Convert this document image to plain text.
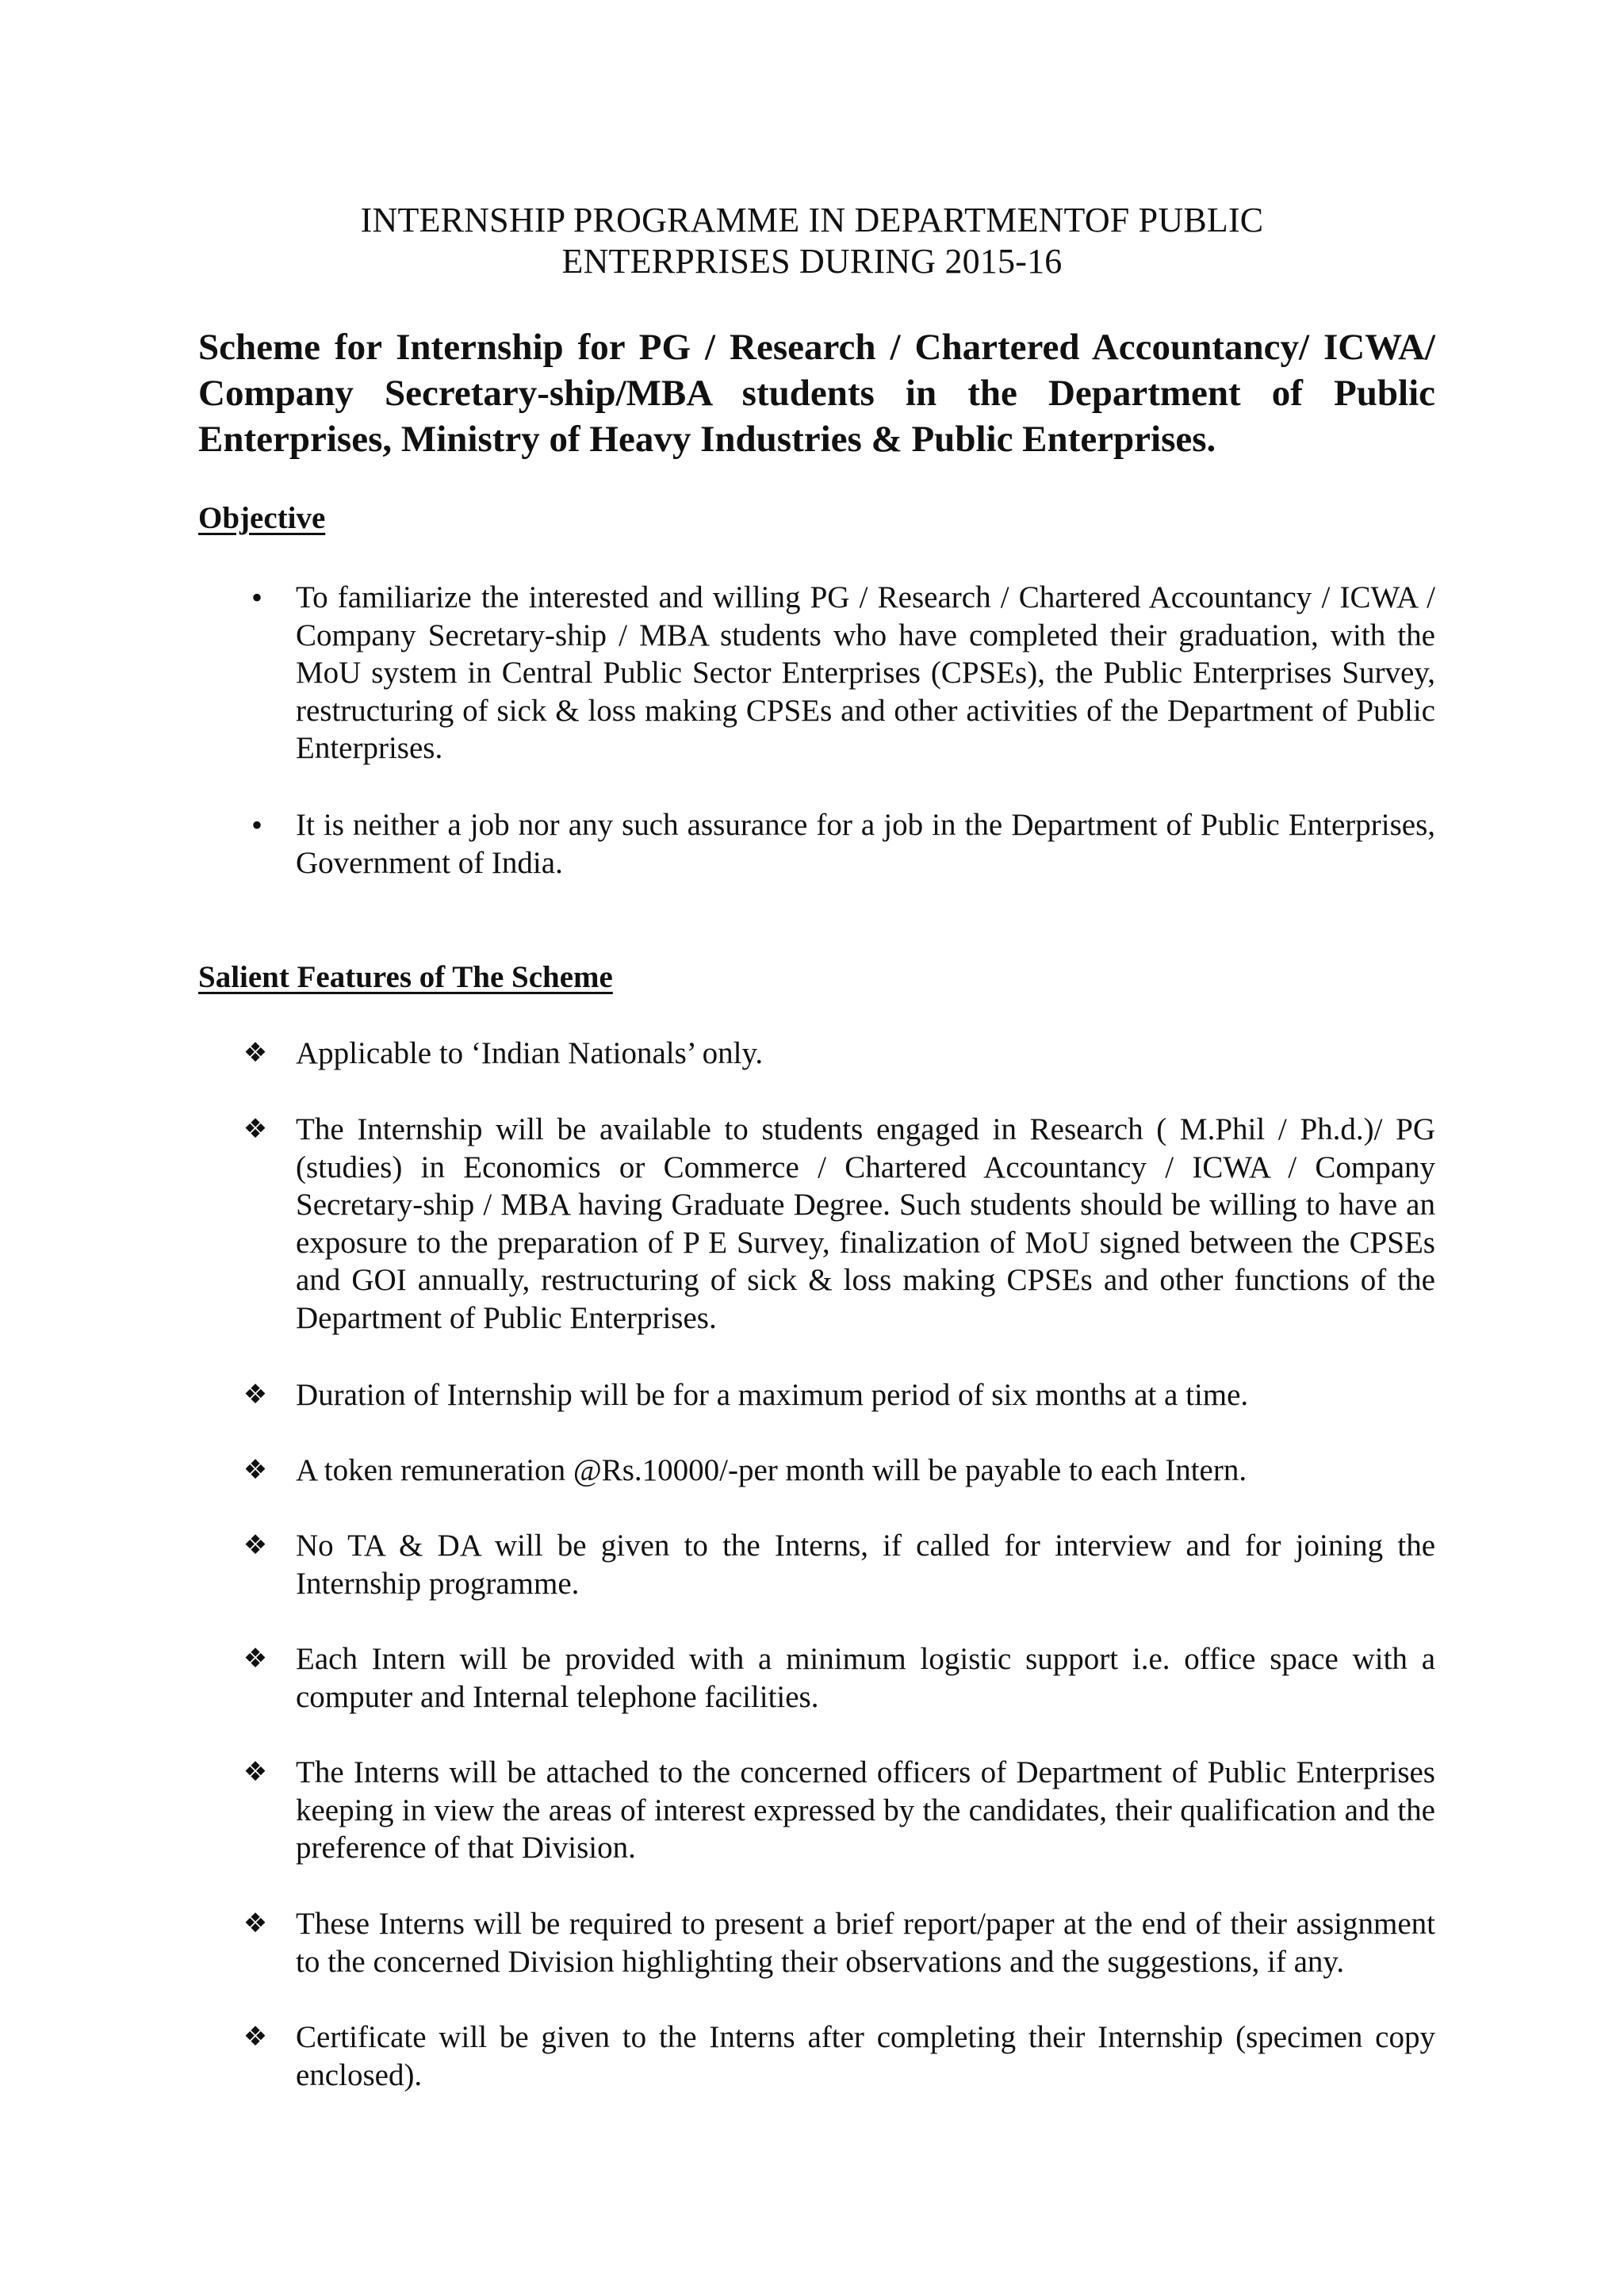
INTERNSHIP PROGRAMME IN DEPARTMENTOF PUBLIC
ENTERPRISES DURING 2015-16
Scheme for Internship for PG / Research / Chartered Accountancy/ ICWA/
Company Secretary-ship/MBA students in the Department of Public
Enterprises, Ministry of Heavy Industries & Public Enterprises.
Objective
•	To familiarize the interested and willing PG / Research / Chartered Accountancy / ICWA / Company Secretary-ship / MBA students who have completed their graduation, with the MoU system in Central Public Sector Enterprises (CPSEs), the Public Enterprises Survey, restructuring of sick & loss making CPSEs and other activities of the Department of Public Enterprises.
•	It is neither a job nor any such assurance for a job in the Department of Public Enterprises, Government of India.
Salient Features of The Scheme
❖ Applicable to ‘Indian Nationals’ only.
❖ The Internship will be available to students engaged in Research ( M.Phil / Ph.d.)/ PG (studies) in Economics or Commerce / Chartered Accountancy / ICWA / Company Secretary-ship / MBA having Graduate Degree. Such students should be willing to have an exposure to the preparation of P E Survey, finalization of MoU signed between the CPSEs and GOI annually, restructuring of sick & loss making CPSEs and other functions of the Department of Public Enterprises.
❖ Duration of Internship will be for a maximum period of six months at a time.
❖ A token remuneration @Rs.10000/-per month will be payable to each Intern.
❖ No TA & DA will be given to the Interns, if called for interview and for joining the Internship programme.
❖ Each Intern will be provided with a minimum logistic support i.e. office space with a computer and Internal telephone facilities.
❖ The Interns will be attached to the concerned officers of Department of Public Enterprises keeping in view the areas of interest expressed by the candidates, their qualification and the preference of that Division.
❖ These Interns will be required to present a brief report/paper at the end of their assignment to the concerned Division highlighting their observations and the suggestions, if any.
❖ Certificate will be given to the Interns after completing their Internship (specimen copy enclosed).
